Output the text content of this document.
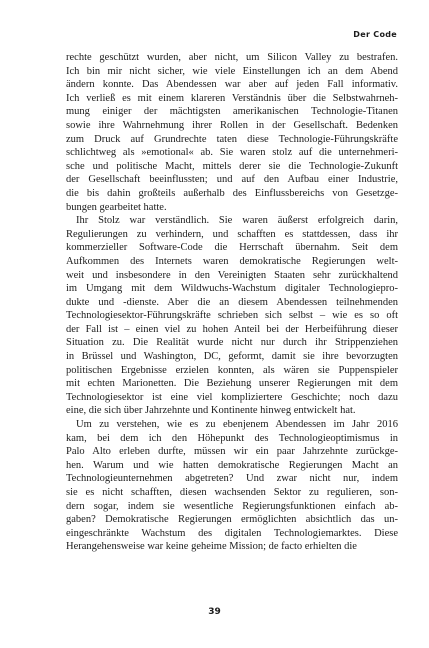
Der Code
rechte geschützt wurden, aber nicht, um Silicon Valley zu bestrafen.
Ich bin mir nicht sicher, wie viele Einstellungen ich an dem Abend
ändern konnte. Das Abendessen war aber auf jeden Fall informativ.
Ich verließ es mit einem klareren Verständnis über die Selbstwahrneh-
mung einiger der mächtigsten amerikanischen Technologie-Titanen
sowie ihre Wahrnehmung ihrer Rollen in der Gesellschaft. Bedenken
zum Druck auf Grundrechte taten diese Technologie-Führungskräfte
schlichtweg als »emotional« ab. Sie waren stolz auf die unternehmeri-
sche und politische Macht, mittels derer sie die Technologie-Zukunft
der Gesellschaft beeinflussten; und auf den Aufbau einer Industrie,
die bis dahin großteils außerhalb des Einflussbereichs von Gesetzge-
bungen gearbeitet hatte.
Ihr Stolz war verständlich. Sie waren äußerst erfolgreich darin,
Regulierungen zu verhindern, und schafften es stattdessen, dass ihr
kommerzieller Software-Code die Herrschaft übernahm. Seit dem
Aufkommen des Internets waren demokratische Regierungen welt-
weit und insbesondere in den Vereinigten Staaten sehr zurückhaltend
im Umgang mit dem Wildwuchs-Wachstum digitaler Technologiepro-
dukte und -dienste. Aber die an diesem Abendessen teilnehmenden
Technologiesektor-Führungskräfte schrieben sich selbst – wie es so oft
der Fall ist – einen viel zu hohen Anteil bei der Herbeiführung dieser
Situation zu. Die Realität wurde nicht nur durch ihr Strippenziehen
in Brüssel und Washington, DC, geformt, damit sie ihre bevorzugten
politischen Ergebnisse erzielen konnten, als wären sie Puppenspieler
mit echten Marionetten. Die Beziehung unserer Regierungen mit dem
Technologiesektor ist eine viel kompliziertere Geschichte; noch dazu
eine, die sich über Jahrzehnte und Kontinente hinweg entwickelt hat.
Um zu verstehen, wie es zu ebenjenem Abendessen im Jahr 2016
kam, bei dem ich den Höhepunkt des Technologieoptimismus in
Palo Alto erleben durfte, müssen wir ein paar Jahrzehnte zurückge-
hen. Warum und wie hatten demokratische Regierungen Macht an
Technologieunternehmen abgetreten? Und zwar nicht nur, indem
sie es nicht schafften, diesen wachsenden Sektor zu regulieren, son-
dern sogar, indem sie wesentliche Regierungsfunktionen einfach ab-
gaben? Demokratische Regierungen ermöglichten absichtlich das un-
eingeschränkte Wachstum des digitalen Technologiemarktes. Diese
Herangehensweise war keine geheime Mission; de facto erhielten die
39
